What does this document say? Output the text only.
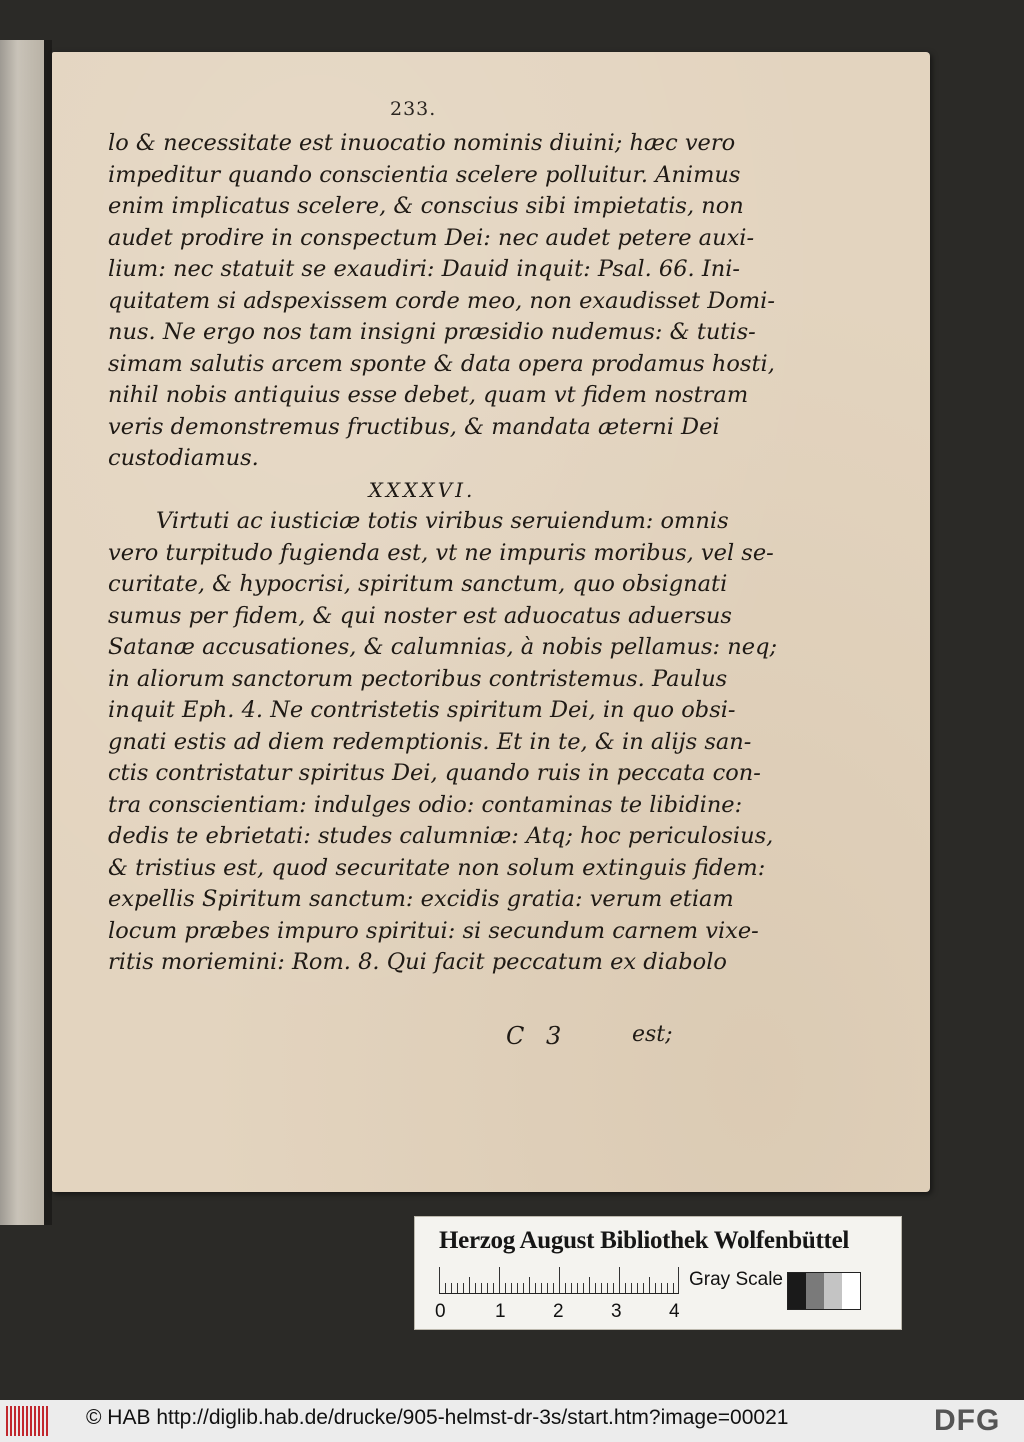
233.
lo & necessitate est inuocatio nominis diuini; hæc vero
impeditur quando conscientia scelere polluitur. Animus
enim implicatus scelere, & conscius sibi impietatis, non
audet prodire in conspectum Dei: nec audet petere auxi-
lium: nec statuit se exaudiri: Dauid inquit: Psal. 66. Ini-
quitatem si adspexissem corde meo, non exaudisset Domi-
nus. Ne ergo nos tam insigni præsidio nudemus: & tutis-
simam salutis arcem sponte & data opera prodamus hosti,
nihil nobis antiquius esse debet, quam vt fidem nostram
veris demonstremus fructibus, & mandata æterni Dei
custodiamus.
XXXXVI.
Virtuti ac iusticiæ totis viribus seruiendum: omnis
vero turpitudo fugienda est, vt ne impuris moribus, vel se-
curitate, & hypocrisi, spiritum sanctum, quo obsignati
sumus per fidem, & qui noster est aduocatus aduersus
Satanæ accusationes, & calumnias, à nobis pellamus: neq;
in aliorum sanctorum pectoribus contristemus. Paulus
inquit Eph. 4. Ne contristetis spiritum Dei, in quo obsi-
gnati estis ad diem redemptionis. Et in te, & in alijs san-
ctis contristatur spiritus Dei, quando ruis in peccata con-
tra conscientiam: indulges odio: contaminas te libidine:
dedis te ebrietati: studes calumniæ: Atq; hoc periculosius,
& tristius est, quod securitate non solum extinguis fidem:
expellis Spiritum sanctum: excidis gratia: verum etiam
locum præbes impuro spiritui: si secundum carnem vixe-
ritis moriemini: Rom. 8. Qui facit peccatum ex diabolo
C 3	est;
Herzog August Bibliothek Wolfenbüttel
0	1 2 3 4
Gray Scale
© HAB http://diglib.hab.de/drucke/905-helmst-dr-3s/start.htm?image=00021	DFG
